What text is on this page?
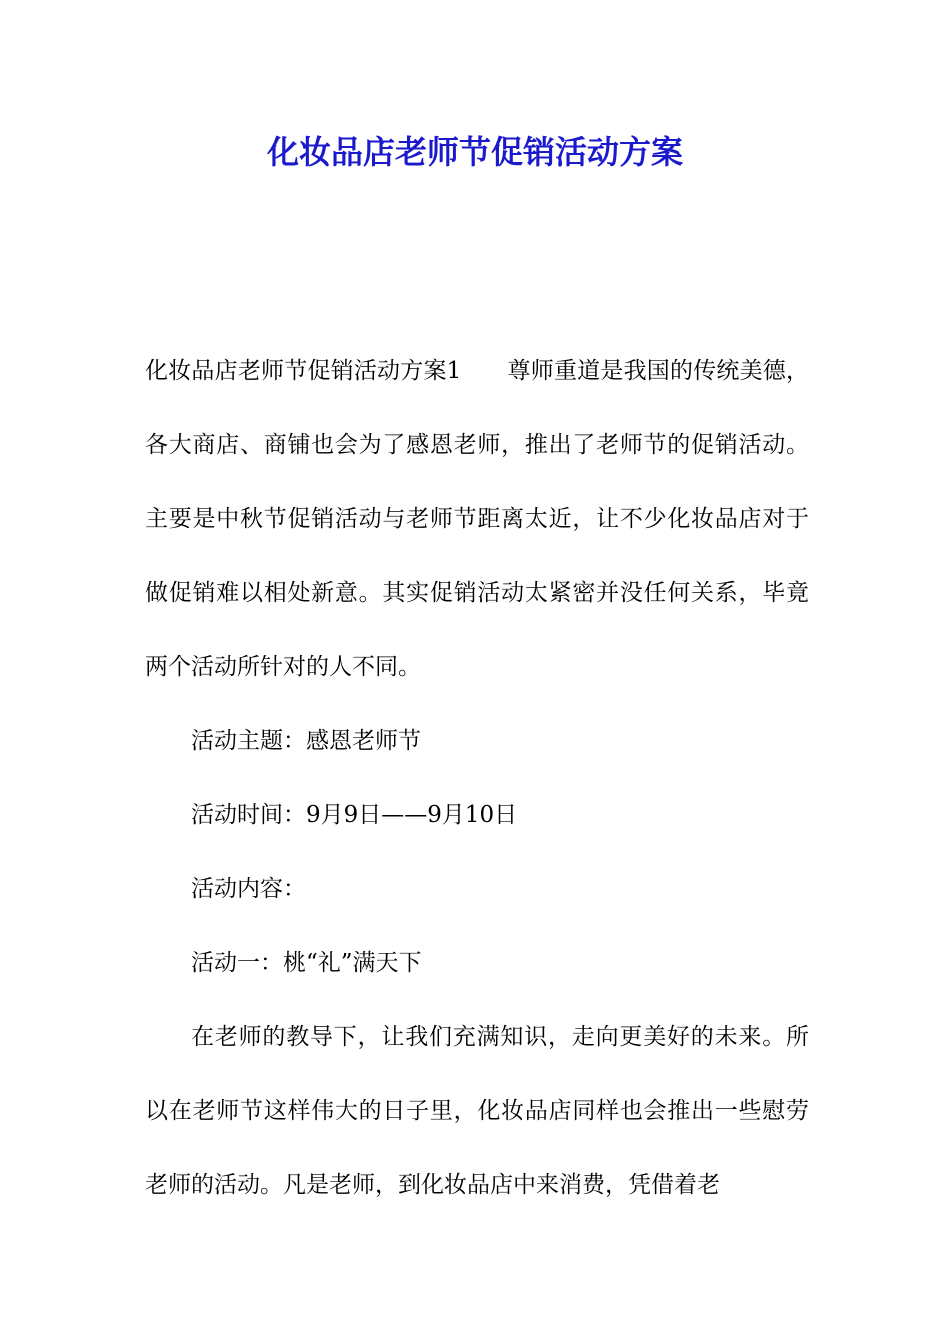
化妆品店老师节促销活动方案

化妆品店老师节促销活动方案1 尊师重道是我国的传统美德，各大商店、商铺也会为了感恩老师，推出了老师节的促销活动。主要是中秋节促销活动与老师节距离太近，让不少化妆品店对于做促销难以相处新意。其实促销活动太紧密并没任何关系，毕竟两个活动所针对的人不同。

活动主题：感恩老师节

活动时间：9月9日——9月10日

活动内容：

活动一：桃“礼”满天下

在老师的教导下，让我们充满知识，走向更美好的未来。所以在老师节这样伟大的日子里，化妆品店同样也会推出一些慰劳老师的活动。凡是老师，到化妆品店中来消费，凭借着老
